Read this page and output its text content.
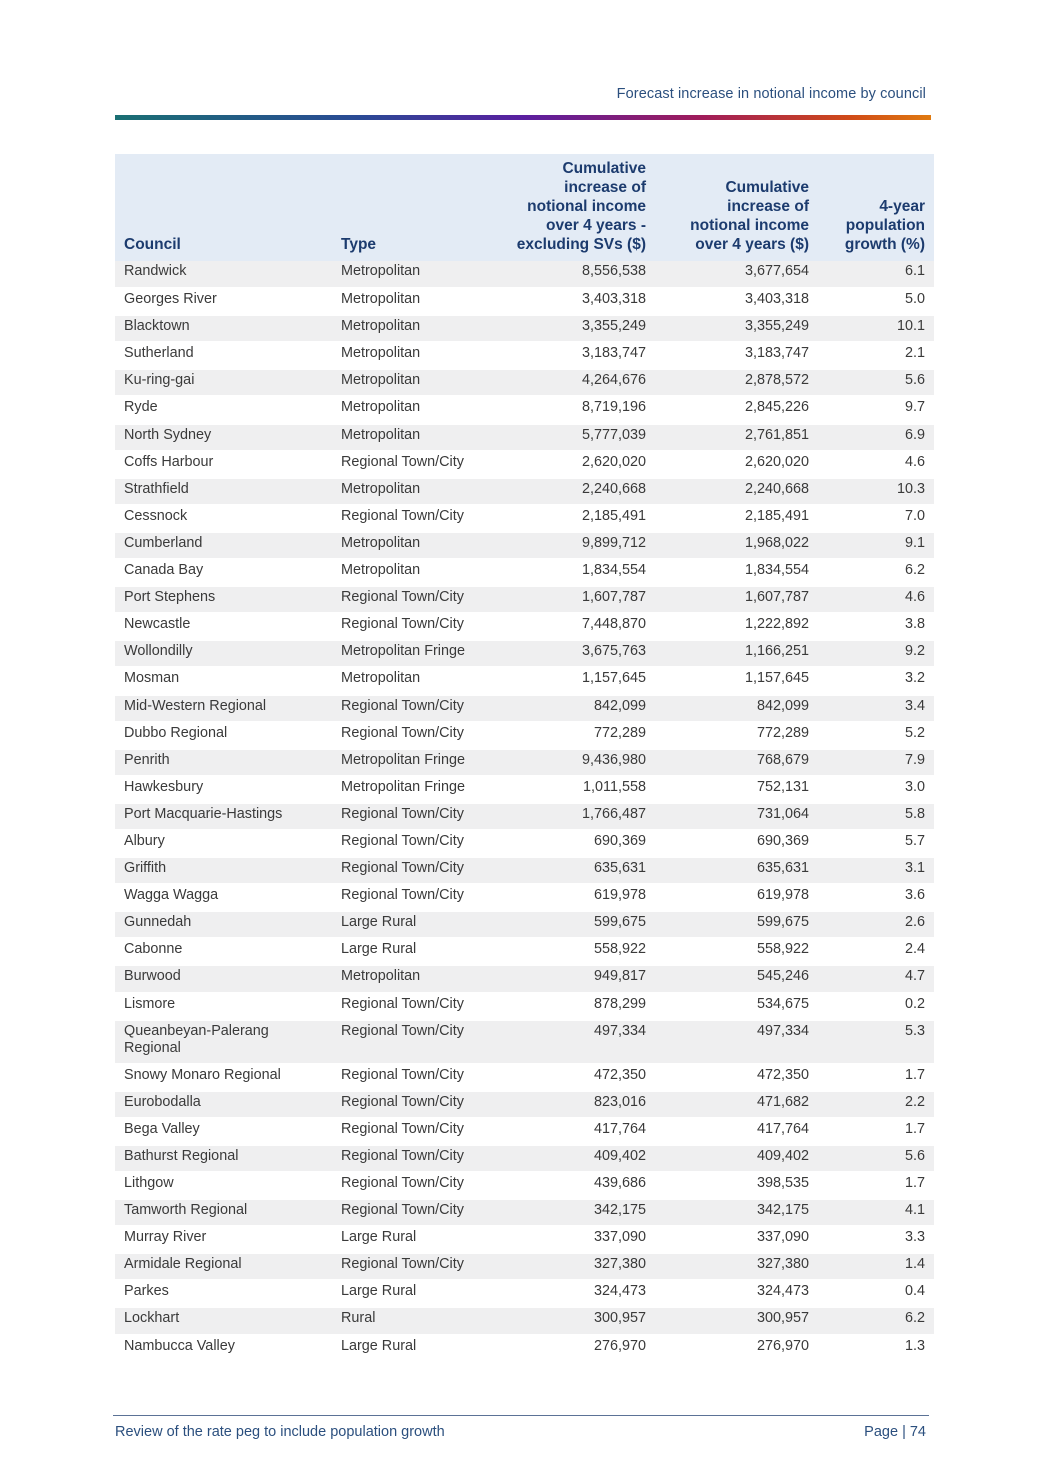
Forecast increase in notional income by council
Council	Type	Cumulative increase of notional income over 4 years - excluding SVs ($)	Cumulative increase of notional income over 4 years ($)	4-year population growth (%)
Randwick	Metropolitan	8,556,538	3,677,654	6.1
Georges River	Metropolitan	3,403,318	3,403,318	5.0
Blacktown	Metropolitan	3,355,249	3,355,249	10.1
Sutherland	Metropolitan	3,183,747	3,183,747	2.1
Ku-ring-gai	Metropolitan	4,264,676	2,878,572	5.6
Ryde	Metropolitan	8,719,196	2,845,226	9.7
North Sydney	Metropolitan	5,777,039	2,761,851	6.9
Coffs Harbour	Regional Town/City	2,620,020	2,620,020	4.6
Strathfield	Metropolitan	2,240,668	2,240,668	10.3
Cessnock	Regional Town/City	2,185,491	2,185,491	7.0
Cumberland	Metropolitan	9,899,712	1,968,022	9.1
Canada Bay	Metropolitan	1,834,554	1,834,554	6.2
Port Stephens	Regional Town/City	1,607,787	1,607,787	4.6
Newcastle	Regional Town/City	7,448,870	1,222,892	3.8
Wollondilly	Metropolitan Fringe	3,675,763	1,166,251	9.2
Mosman	Metropolitan	1,157,645	1,157,645	3.2
Mid-Western Regional	Regional Town/City	842,099	842,099	3.4
Dubbo Regional	Regional Town/City	772,289	772,289	5.2
Penrith	Metropolitan Fringe	9,436,980	768,679	7.9
Hawkesbury	Metropolitan Fringe	1,011,558	752,131	3.0
Port Macquarie-Hastings	Regional Town/City	1,766,487	731,064	5.8
Albury	Regional Town/City	690,369	690,369	5.7
Griffith	Regional Town/City	635,631	635,631	3.1
Wagga Wagga	Regional Town/City	619,978	619,978	3.6
Gunnedah	Large Rural	599,675	599,675	2.6
Cabonne	Large Rural	558,922	558,922	2.4
Burwood	Metropolitan	949,817	545,246	4.7
Lismore	Regional Town/City	878,299	534,675	0.2
Queanbeyan-Palerang Regional	Regional Town/City	497,334	497,334	5.3
Snowy Monaro Regional	Regional Town/City	472,350	472,350	1.7
Eurobodalla	Regional Town/City	823,016	471,682	2.2
Bega Valley	Regional Town/City	417,764	417,764	1.7
Bathurst Regional	Regional Town/City	409,402	409,402	5.6
Lithgow	Regional Town/City	439,686	398,535	1.7
Tamworth Regional	Regional Town/City	342,175	342,175	4.1
Murray River	Large Rural	337,090	337,090	3.3
Armidale Regional	Regional Town/City	327,380	327,380	1.4
Parkes	Large Rural	324,473	324,473	0.4
Lockhart	Rural	300,957	300,957	6.2
Nambucca Valley	Large Rural	276,970	276,970	1.3
Review of the rate peg to include population growth	Page | 74
